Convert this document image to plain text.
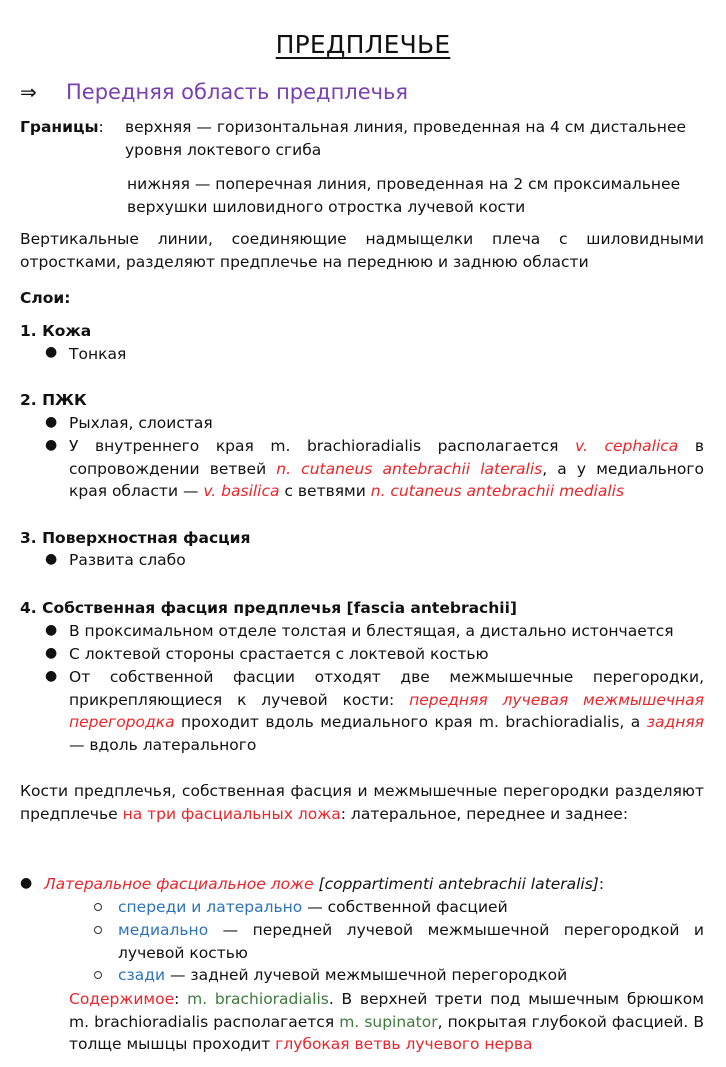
ПРЕДПЛЕЧЬЕ
⇒ Передняя область предплечья
Границы: верхняя — горизонтальная линия, проведенная на 4 см дистальнее
уровня локтевого сгиба
нижняя — поперечная линия, проведенная на 2 см проксимальнее
верхушки шиловидного отростка лучевой кости
Вертикальные линии, соединяющие надмыщелки плеча с шиловидными отростками, разделяют предплечье на переднюю и заднюю области
Слои:
1. Кожа
● Тонкая
2. ПЖК
● Рыхлая, слоистая
● У внутреннего края m. brachioradialis располагается v. cephalica в сопровождении ветвей n. cutaneus antebrachii lateralis, а у медиального края области — v. basilica с ветвями n. cutaneus antebrachii medialis
3. Поверхностная фасция
● Развита слабо
4. Собственная фасция предплечья [fascia antebrachii]
● В проксимальном отделе толстая и блестящая, а дистально истончается
● С локтевой стороны срастается с локтевой костью
● От собственной фасции отходят две межмышечные перегородки, прикрепляющиеся к лучевой кости: передняя лучевая межмышечная перегородка проходит вдоль медиального края m. brachioradialis, а задняя — вдоль латерального
Кости предплечья, собственная фасция и межмышечные перегородки разделяют предплечье на три фасциальных ложа: латеральное, переднее и заднее:
● Латеральное фасциальное ложе [coppartimenti antebrachii lateralis]:
спереди и латерально — собственной фасцией
медиально — передней лучевой межмышечной перегородкой и лучевой костью
сзади — задней лучевой межмышечной перегородкой
Содержимое: m. brachioradialis. В верхней трети под мышечным брюшком m. brachioradialis располагается m. supinator, покрытая глубокой фасцией. В толще мышцы проходит глубокая ветвь лучевого нерва
